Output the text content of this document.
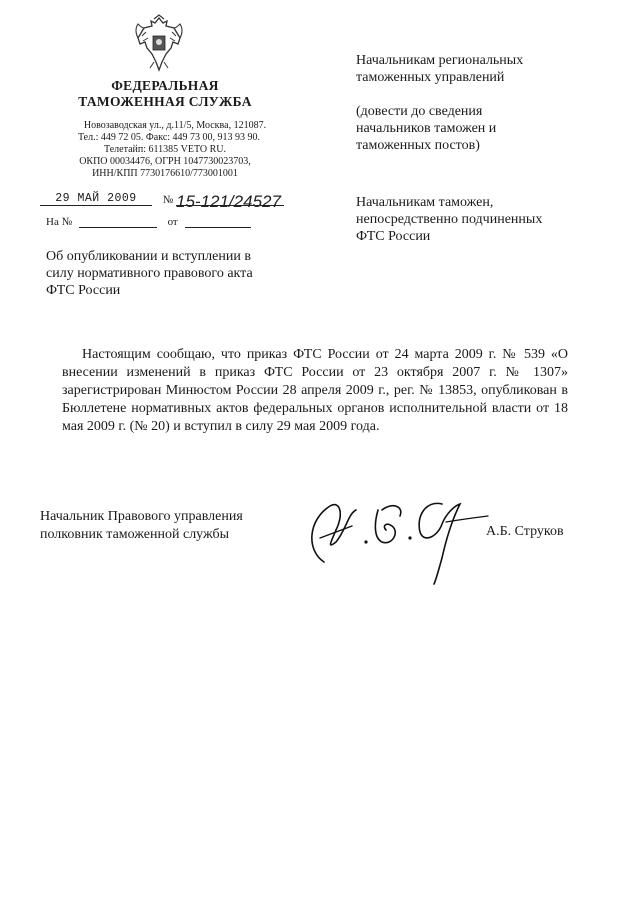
ФЕДЕРАЛЬНАЯ
ТАМОЖЕННАЯ СЛУЖБА
Новозаводская ул., д.11/5, Москва, 121087.
Тел.: 449 72 05. Факс: 449 73 00, 913 93 90.
Телетайп: 611385 VETO RU.
ОКПО 00034476, ОГРН 1047730023703,
ИНН/КПП 7730176610/773001001
29 МАЙ 2009 № 15-121/24527
На №	от
Начальникам региональных
таможенных управлений
(довести до сведения
начальников таможен и
таможенных постов)
Начальникам таможен,
непосредственно подчиненных
ФТС России
Об опубликовании и вступлении в
силу нормативного правового акта
ФТС России
Настоящим сообщаю, что приказ ФТС России от 24 марта 2009 г. № 539 «О внесении изменений в приказ ФТС России от 23 октября 2007 г. № 1307» зарегистрирован Минюстом России 28 апреля 2009 г., рег. № 13853, опубликован в Бюллетене нормативных актов федеральных органов исполнительной власти от 18 мая 2009 г. (№ 20) и вступил в силу 29 мая 2009 года.
Начальник Правового управления
полковник таможенной службы	А.Б. Струков
